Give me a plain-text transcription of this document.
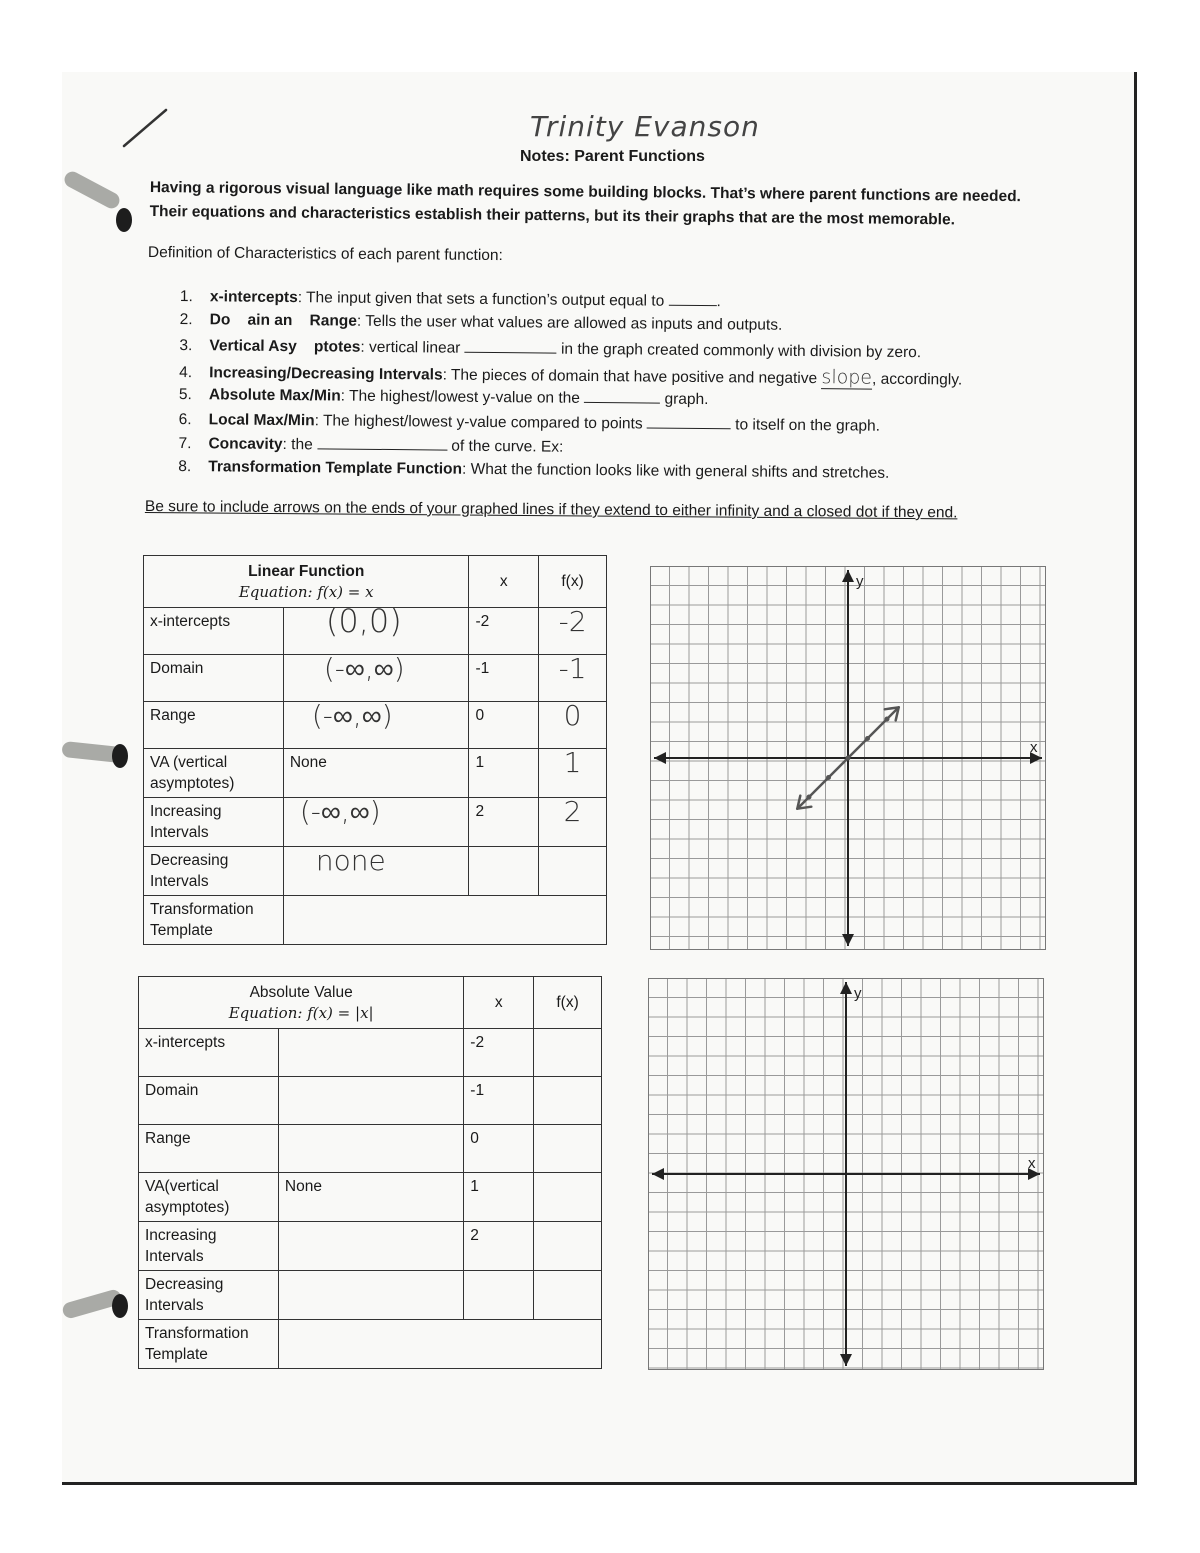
Trinity Evanson
Notes: Parent Functions
Having a rigorous visual language like math requires some building blocks. That’s where parent functions are needed.
Their equations and characteristics establish their patterns, but its their graphs that are the most memorable.
Definition of Characteristics of each parent function:
1. x-intercepts: The input given that sets a function’s output equal to	.
2. Do    ain an    Range: Tells the user what values are allowed as inputs and outputs.
3. Vertical Asy    ptotes: vertical linear	in the graph created commonly with division by zero.
4. Increasing/Decreasing Intervals: The pieces of domain that have positive and negative slope, accordingly.
5. Absolute Max/Min: The highest/lowest y-value on the	graph.
6. Local Max/Min: The highest/lowest y-value compared to points	to itself on the graph.
7. Concavity: the	of the curve. Ex:
8. Transformation Template Function: What the function looks like with general shifts and stretches.
Be sure to include arrows on the ends of your graphed lines if they extend to either infinity and a closed dot if they end.
Linear Function
Equation: f(x) = x		x	f(x)
x-intercepts	(0,0)	-2	-2
Domain	(-∞,∞)	-1	-1
Range	(-∞,∞)	0	0
VA (vertical asymptotes)	None	1	1
Increasing Intervals	(-∞,∞)	2	2
Decreasing Intervals	none		
Transformation Template			
Absolute Value
Equation: f(x) = |x|		x	f(x)
x-intercepts		-2	
Domain		-1	
Range		0	
VA(vertical asymptotes)	None	1	
Increasing Intervals		2	
Decreasing Intervals			
Transformation Template			
x
y
x
y
